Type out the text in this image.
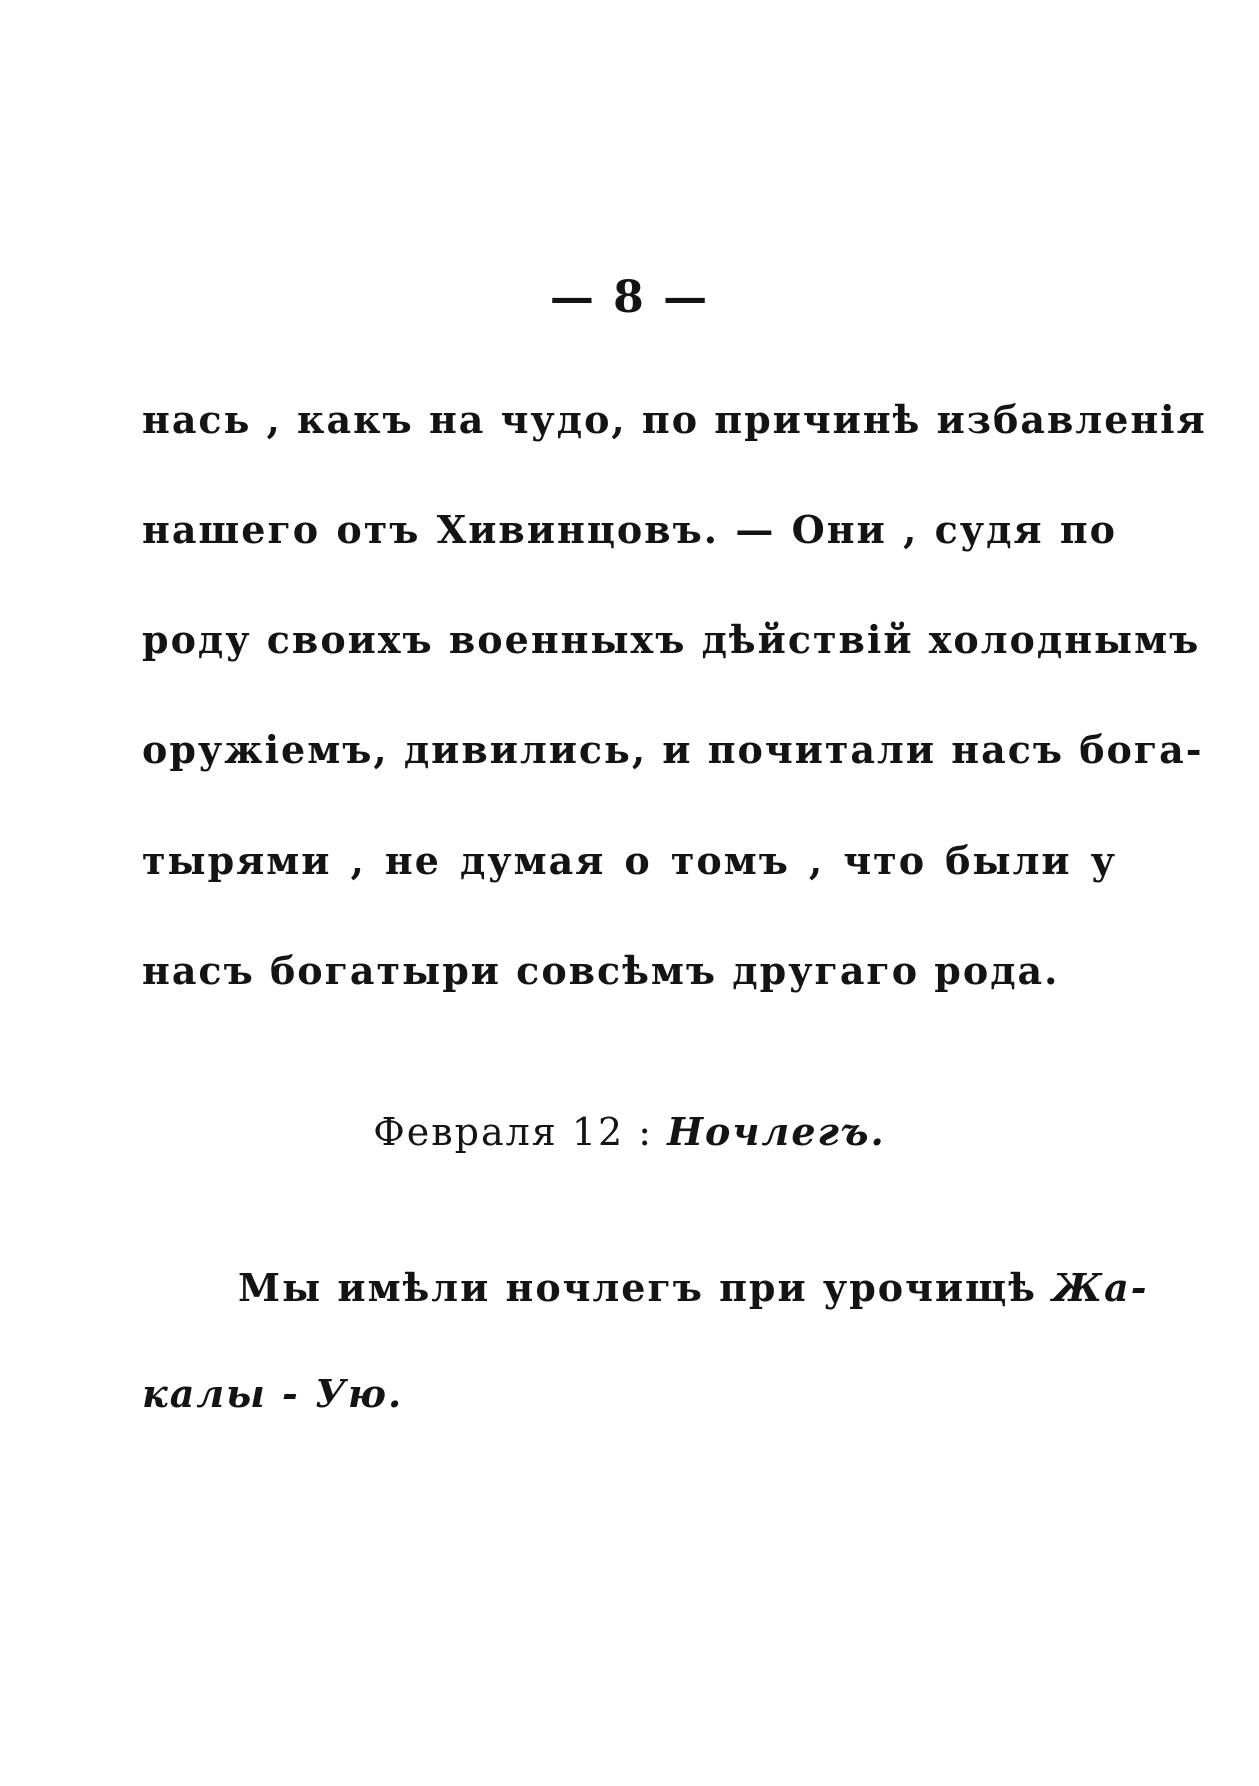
— 8 —
нась , какъ на чудо, по причинѣ избавленія
нашего отъ Хивинцовъ. — Они , судя по
роду своихъ военныхъ дѣйствій холоднымъ
оружіемъ, дивились, и почитали насъ бога-
тырями , не думая о томъ , что были у
насъ богатыри совсѣмъ другаго рода.
Февраля 12 : Ночлегъ.
Мы имѣли ночлегъ при урочищѣ Жа-
калы - Ую.
